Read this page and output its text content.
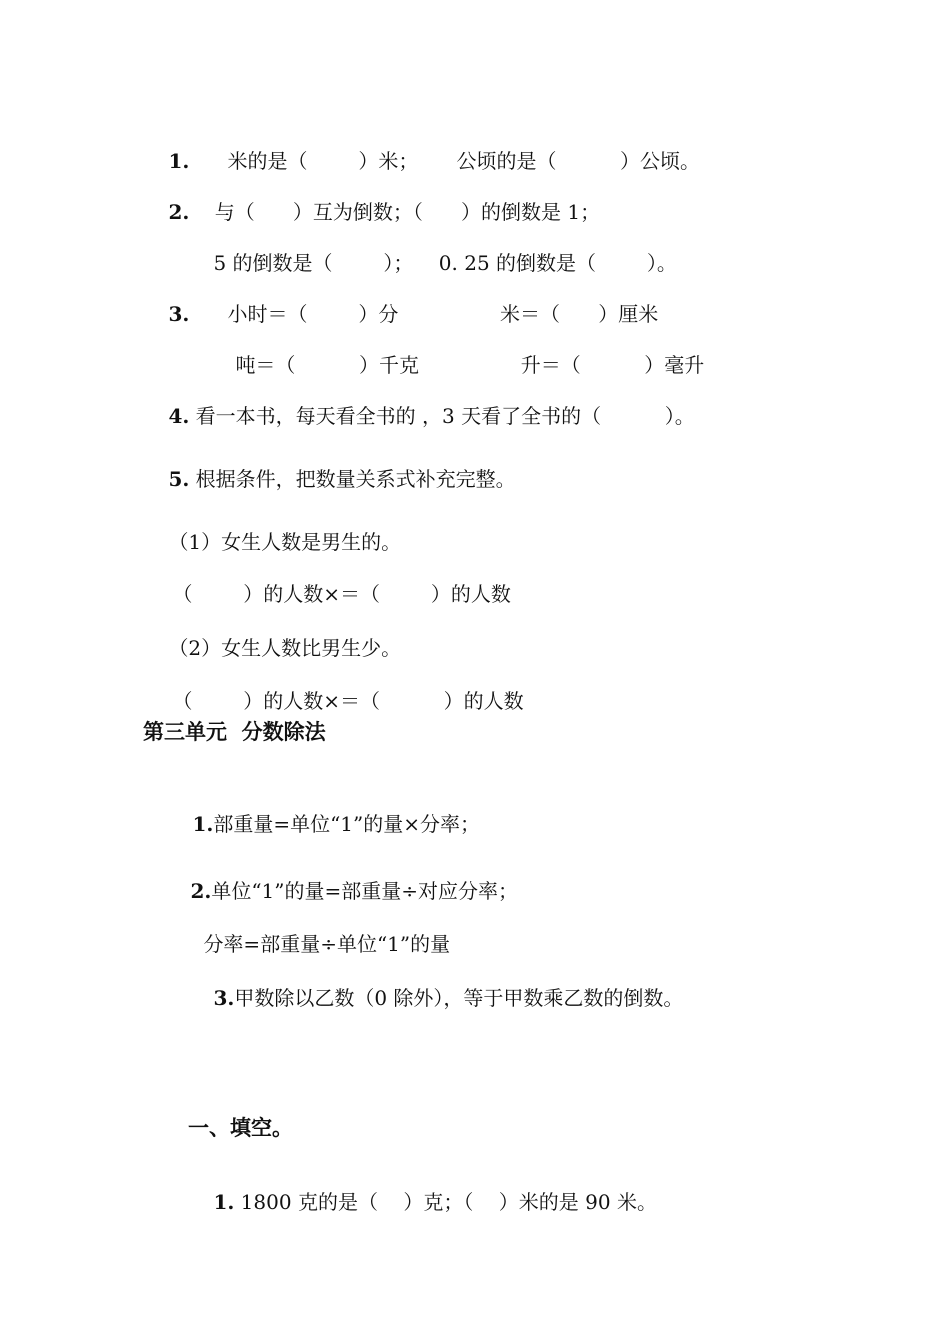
1.      米的是（        ）米；      公顷的是（          ）公顷。

2.    与（      ）互为倒数；（      ）的倒数是 1；

5 的倒数是（        ）；    0. 25 的倒数是（        ）。

3.      小时＝（        ）分                米＝（      ）厘米

吨＝（          ）千克                升＝（          ）毫升

4. 看一本书，每天看全书的 ，3 天看了全书的（          ）。

5. 根据条件，把数量关系式补充完整。

（1）女生人数是男生的。

（        ）的人数×＝（        ）的人数

（2）女生人数比男生少。

（        ）的人数×＝（          ）的人数

第三单元  分数除法

1.部重量=单位“1”的量×分率；

2.单位“1”的量=部重量÷对应分率；

分率=部重量÷单位“1”的量

3.甲数除以乙数（0 除外），等于甲数乘乙数的倒数。

一、填空。

1. 1800 克的是（    ）克；（    ）米的是 90 米。
